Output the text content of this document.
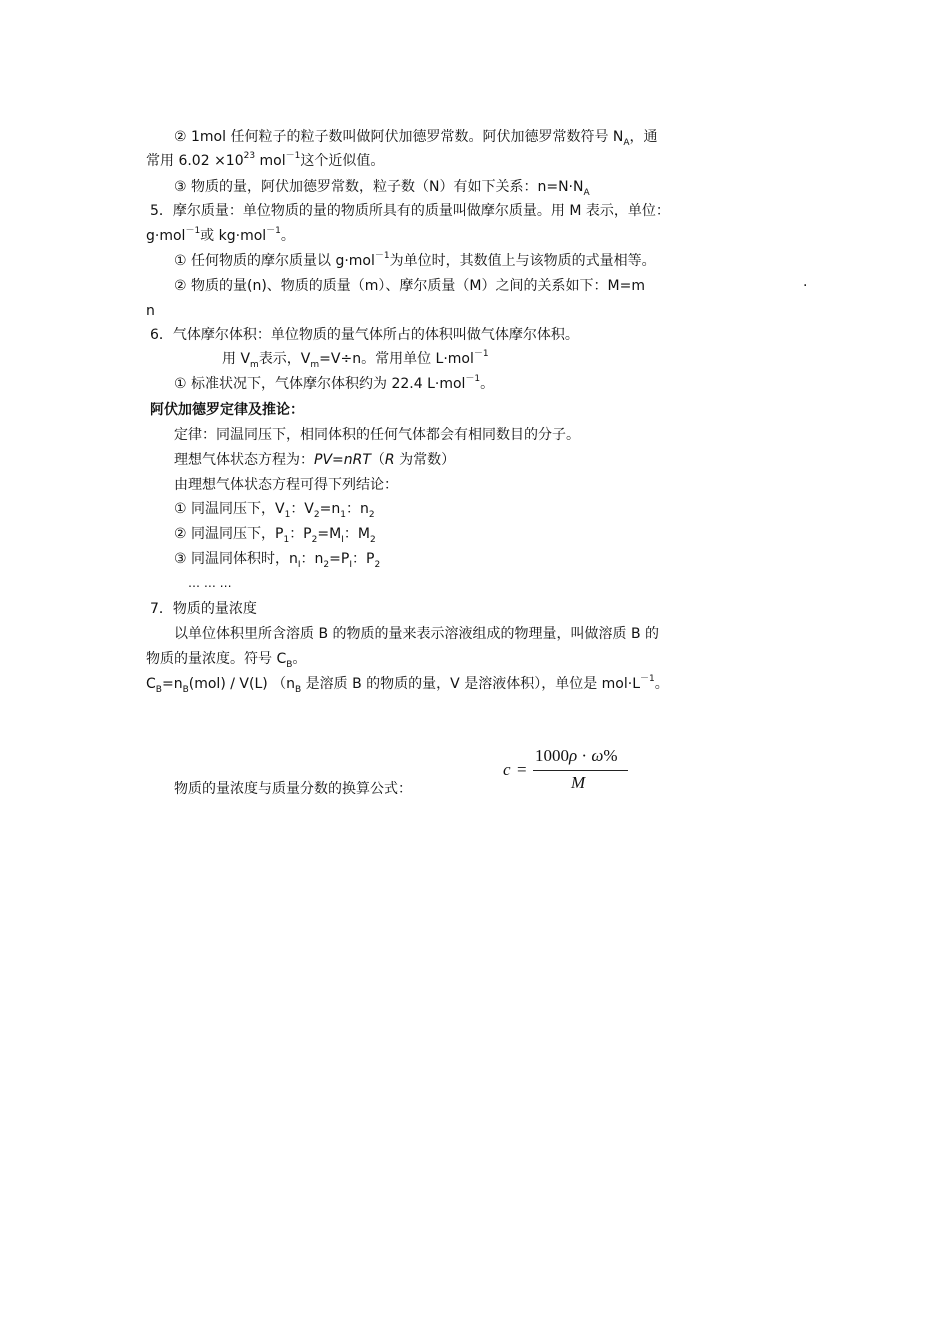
② 1mol 任何粒子的粒子数叫做阿伏加德罗常数。阿伏加德罗常数符号 $N_A$，通
常用 $6.02 \times 10^{23}$ mol$^{-1}$这个近似值。
③ 物质的量，阿伏加德罗常数，粒子数（N）有如下关系：$n=N\cdot N_A$
5．摩尔质量：单位物质的量的物质所具有的质量叫做摩尔质量。用 M 表示，单位：
g·mol$^{-1}$或 kg·mol$^{-1}$。
① 任何物质的摩尔质量以 g·mol$^{-1}$为单位时，其数值上与该物质的式量相等。
② 物质的量(n)、物质的质量（m）、摩尔质量（M）之间的关系如下：M=m	·
n
6．气体摩尔体积：单位物质的量气体所占的体积叫做气体摩尔体积。
用 $V_m$表示，$V_m=V\div n$。常用单位 L·mol$^{-1}$
① 标准状况下，气体摩尔体积约为 22.4 L·mol$^{-1}$。
阿伏加德罗定律及推论：
定律：同温同压下，相同体积的任何气体都会有相同数目的分子。
理想气体状态方程为：PV=nRT（R 为常数）
由理想气体状态方程可得下列结论：
① 同温同压下，$V_1$：$V_2=n_1$：$n_2$
② 同温同压下，$P_1$：$P_2=M_I$：$M_2$
③ 同温同体积时，$n_I$：$n_2=P_I$：$P_2$
… … …
7．物质的量浓度
以单位体积里所含溶质 B 的物质的量来表示溶液组成的物理量，叫做溶质 B 的
物质的量浓度。符号 $C_B$。
$C_B=n_B(mol) / V(L)$ （$n_B$ 是溶质 B 的物质的量，V 是溶液体积），单位是 $mol\cdot L^{-1}$。
物质的量浓度与质量分数的换算公式：
c =
1000ρ · ω%
M
